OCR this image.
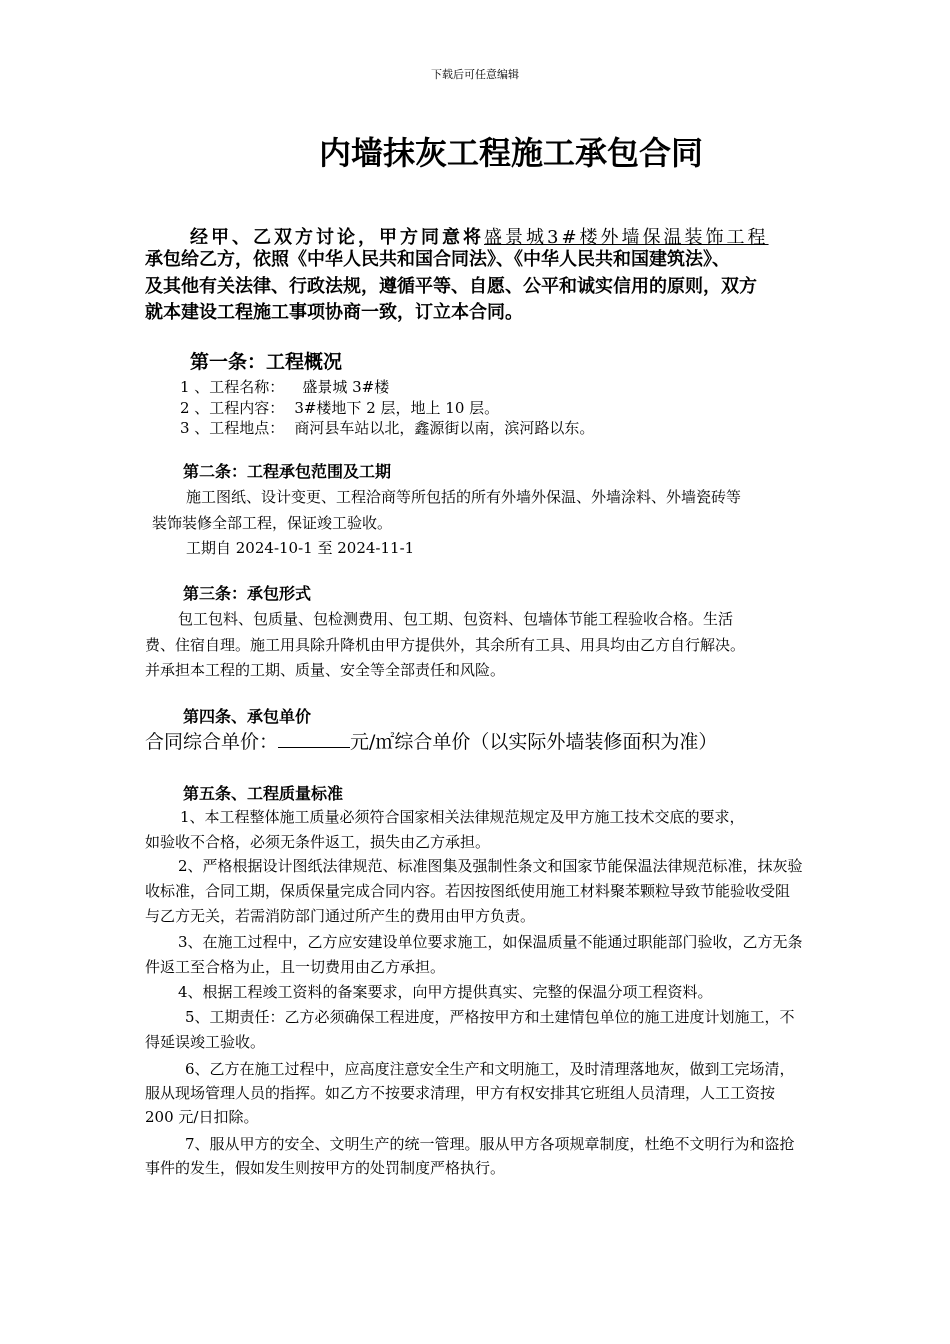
下载后可任意编辑
内墙抹灰工程施工承包合同
经甲、乙双方讨论，甲方同意将盛景城3#楼外墙保温装饰工程
承包给乙方，依照《中华人民共和国合同法》、《中华人民共和国建筑法》、
及其他有关法律、行政法规，遵循平等、自愿、公平和诚实信用的原则，双方
就本建设工程施工事项协商一致，订立本合同。
第一条：工程概况
1 、工程名称： 盛景城 3#楼
2 、工程内容： 3#楼地下 2 层，地上 10 层。
3 、工程地点： 商河县车站以北，鑫源街以南，滨河路以东。
第二条：工程承包范围及工期
施工图纸、设计变更、工程洽商等所包括的所有外墙外保温、外墙涂料、外墙瓷砖等
装饰装修全部工程，保证竣工验收。
工期自 2024-10-1 至 2024-11-1
第三条：承包形式
包工包料、包质量、包检测费用、包工期、包资料、包墙体节能工程验收合格。生活
费、住宿自理。施工用具除升降机由甲方提供外，其余所有工具、用具均由乙方自行解决。
并承担本工程的工期、质量、安全等全部责任和风险。
第四条、承包单价
合同综合单价：	元/㎡综合单价（以实际外墙装修面积为准）
第五条、工程质量标准
1、本工程整体施工质量必须符合国家相关法律规范规定及甲方施工技术交底的要求，
如验收不合格，必须无条件返工，损失由乙方承担。
2、严格根据设计图纸法律规范、标准图集及强制性条文和国家节能保温法律规范标准，抹灰验
收标准，合同工期，保质保量完成合同内容。若因按图纸使用施工材料聚苯颗粒导致节能验收受阻
与乙方无关，若需消防部门通过所产生的费用由甲方负责。
3、在施工过程中，乙方应安建设单位要求施工，如保温质量不能通过职能部门验收，乙方无条
件返工至合格为止，且一切费用由乙方承担。
4、根据工程竣工资料的备案要求，向甲方提供真实、完整的保温分项工程资料。
5、工期责任：乙方必须确保工程进度，严格按甲方和土建情包单位的施工进度计划施工，不
得延误竣工验收。
6、乙方在施工过程中，应高度注意安全生产和文明施工，及时清理落地灰，做到工完场清，
服从现场管理人员的指挥。如乙方不按要求清理，甲方有权安排其它班组人员清理，人工工资按
200 元/日扣除。
7、服从甲方的安全、文明生产的统一管理。服从甲方各项规章制度，杜绝不文明行为和盗抢
事件的发生，假如发生则按甲方的处罚制度严格执行。
